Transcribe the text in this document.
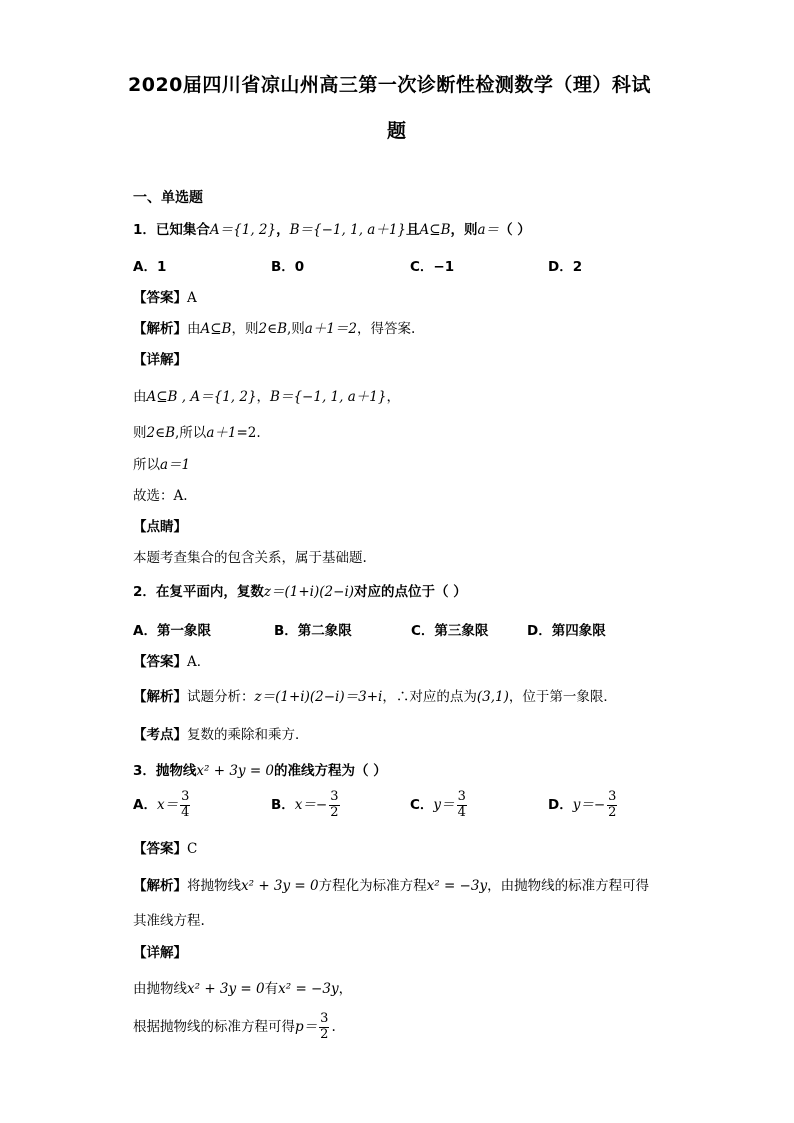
2020届四川省凉山州高三第一次诊断性检测数学（理）科试
题
一、单选题
1．已知集合A＝{1, 2}，B＝{−1, 1, a＋1}且A⊆B，则a＝（ ）
A．1	B．0	C．−1	D．2
【答案】A
【解析】由A⊆B，则2∈B,则a＋1＝2，得答案.
【详解】
由A⊆B , A＝{1, 2}，B＝{−1, 1, a＋1}，
则2∈B,所以a＋1=2.
所以a＝1
故选：A.
【点睛】
本题考查集合的包含关系，属于基础题.
2．在复平面内，复数z＝(1+i)(2−i)对应的点位于（ ）
A．第一象限	B．第二象限	C．第三象限	D．第四象限
【答案】A．
【解析】试题分析：z＝(1+i)(2−i)＝3+i，∴对应的点为(3,1)，位于第一象限．
【考点】复数的乘除和乘方．
3．抛物线x² + 3y = 0的准线方程为（ ）
A．$x= \frac{3}{4}$	B．$x=- \frac{3}{2}$	C．$y= \frac{3}{4}$	D．$y=- \frac{3}{2}$
【答案】C
【解析】将抛物线x² + 3y = 0方程化为标准方程x² = −3y，由抛物线的标准方程可得
其准线方程.
【详解】
由抛物线x² + 3y = 0有x² = −3y，
根据抛物线的标准方程可得$p= \frac{3}{2}$ .
